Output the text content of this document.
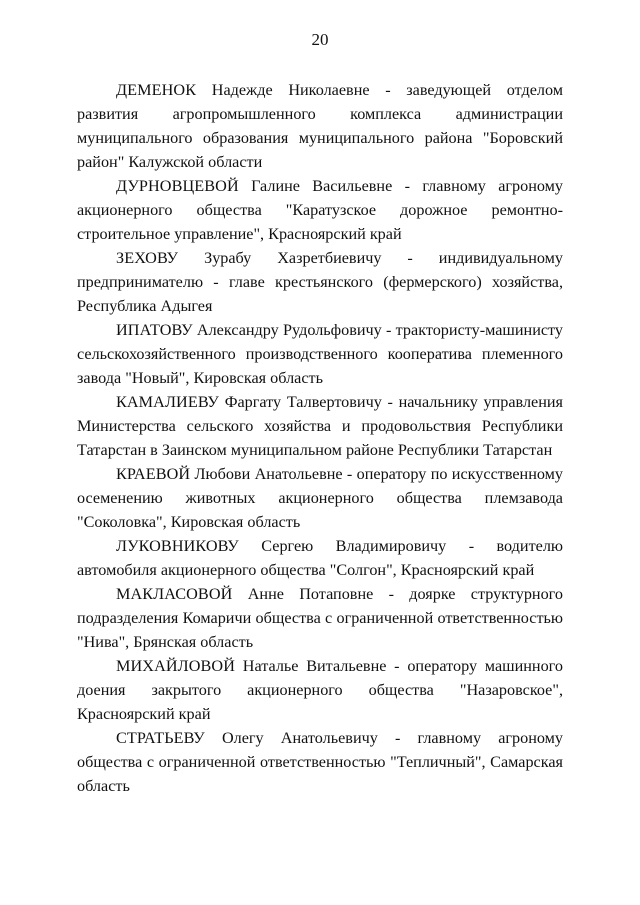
20

ДЕМЕНОК Надежде Николаевне - заведующей отделом развития агропромышленного комплекса администрации муниципального образования муниципального района "Боровский район" Калужской области

ДУРНОВЦЕВОЙ Галине Васильевне - главному агроному акционерного общества "Каратузское дорожное ремонтно-строительное управление", Красноярский край

ЗЕХОВУ Зурабу Хазретбиевичу - индивидуальному предпринимателю - главе крестьянского (фермерского) хозяйства, Республика Адыгея

ИПАТОВУ Александру Рудольфовичу - трактористу-машинисту сельскохозяйственного производственного кооператива племенного завода "Новый", Кировская область

КАМАЛИЕВУ Фаргату Талвертовичу - начальнику управления Министерства сельского хозяйства и продовольствия Республики Татарстан в Заинском муниципальном районе Республики Татарстан

КРАЕВОЙ Любови Анатольевне - оператору по искусственному осеменению животных акционерного общества племзавода "Соколовка", Кировская область

ЛУКОВНИКОВУ Сергею Владимировичу - водителю автомобиля акционерного общества "Солгон", Красноярский край

МАКЛАСОВОЙ Анне Потаповне - доярке структурного подразделения Комаричи общества с ограниченной ответственностью "Нива", Брянская область

МИХАЙЛОВОЙ Наталье Витальевне - оператору машинного доения закрытого акционерного общества "Назаровское", Красноярский край

СТРАТЬЕВУ Олегу Анатольевичу - главному агроному общества с ограниченной ответственностью "Тепличный", Самарская область
